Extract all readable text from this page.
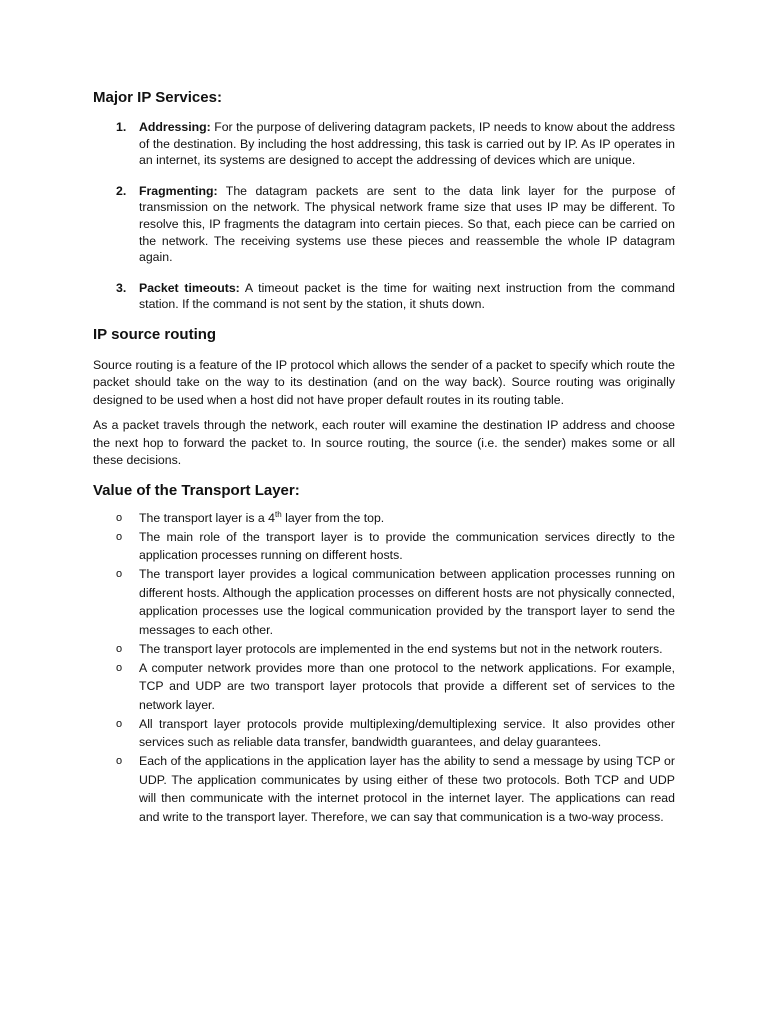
Major IP Services:
1. Addressing: For the purpose of delivering datagram packets, IP needs to know about the address of the destination. By including the host addressing, this task is carried out by IP. As IP operates in an internet, its systems are designed to accept the addressing of devices which are unique.
2. Fragmenting: The datagram packets are sent to the data link layer for the purpose of transmission on the network. The physical network frame size that uses IP may be different. To resolve this, IP fragments the datagram into certain pieces. So that, each piece can be carried on the network. The receiving systems use these pieces and reassemble the whole IP datagram again.
3. Packet timeouts: A timeout packet is the time for waiting next instruction from the command station. If the command is not sent by the station, it shuts down.
IP source routing

Source routing is a feature of the IP protocol which allows the sender of a packet to specify which route the packet should take on the way to its destination (and on the way back). Source routing was originally designed to be used when a host did not have proper default routes in its routing table.

As a packet travels through the network, each router will examine the destination IP address and choose the next hop to forward the packet to. In source routing, the source (i.e. the sender) makes some or all these decisions.

Value of the Transport Layer:
o The transport layer is a 4th layer from the top.
o The main role of the transport layer is to provide the communication services directly to the application processes running on different hosts.
o The transport layer provides a logical communication between application processes running on different hosts. Although the application processes on different hosts are not physically connected, application processes use the logical communication provided by the transport layer to send the messages to each other.
o The transport layer protocols are implemented in the end systems but not in the network routers.
o A computer network provides more than one protocol to the network applications. For example, TCP and UDP are two transport layer protocols that provide a different set of services to the network layer.
o All transport layer protocols provide multiplexing/demultiplexing service. It also provides other services such as reliable data transfer, bandwidth guarantees, and delay guarantees.
o Each of the applications in the application layer has the ability to send a message by using TCP or UDP. The application communicates by using either of these two protocols. Both TCP and UDP will then communicate with the internet protocol in the internet layer. The applications can read and write to the transport layer. Therefore, we can say that communication is a two-way process.
